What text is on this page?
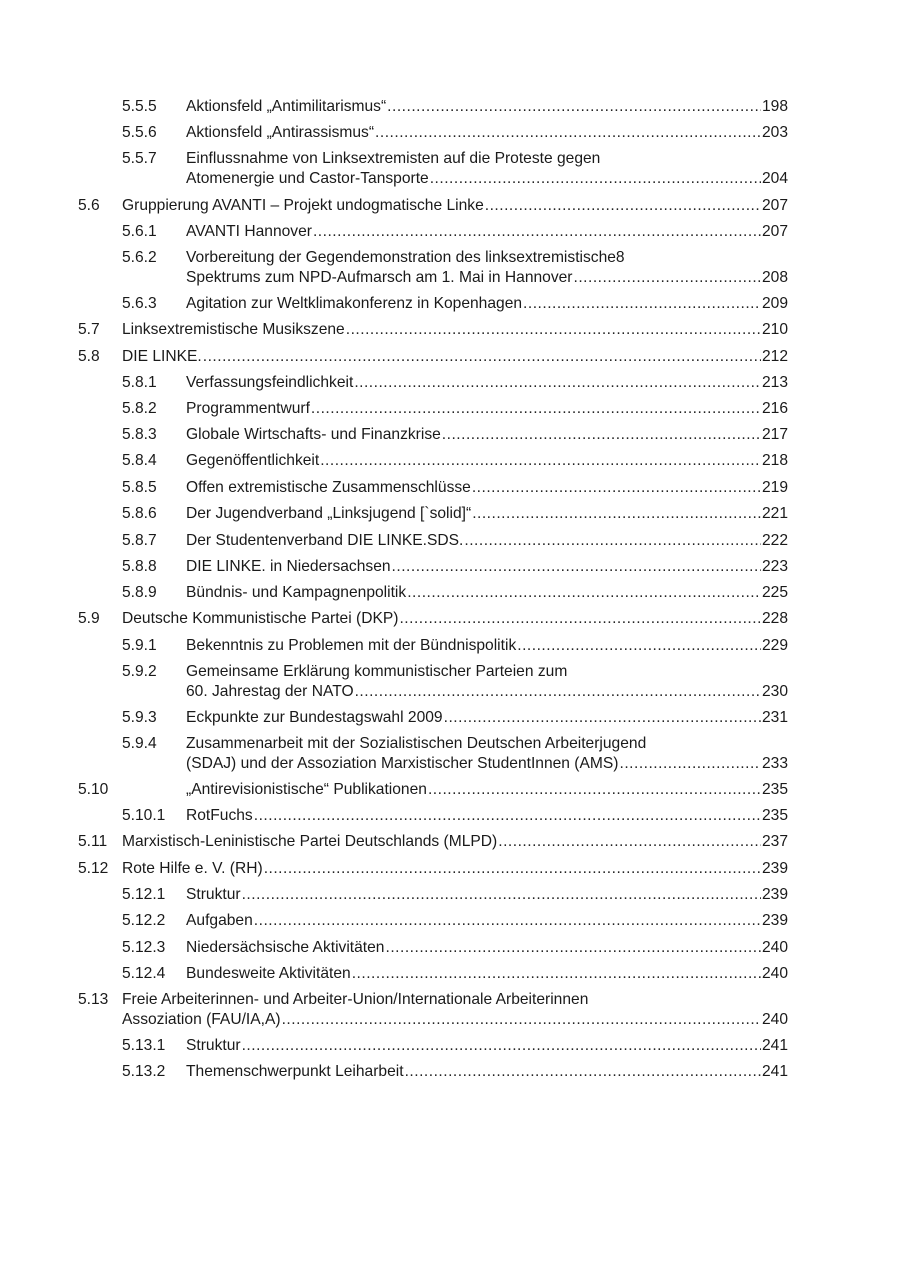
5.5.5 Aktionsfeld „Antimilitarismus“ .....	198
5.5.6 Aktionsfeld „Antirassismus“ .....	203
5.5.7 Einflussnahme von Linksextremisten auf die Proteste gegen
Atomenergie und Castor-Tansporte .....	204
5.6 Gruppierung AVANTI – Projekt undogmatische Linke .....	207
5.6.1 AVANTI Hannover .....	207
5.6.2 Vorbereitung der Gegendemonstration des linksextremistische8
Spektrums zum NPD-Aufmarsch am 1. Mai in Hannover .....	208
5.6.3 Agitation zur Weltklimakonferenz in Kopenhagen .....	209
5.7 Linksextremistische Musikszene .....	210
5.8 DIE LINKE. .....	212
5.8.1 Verfassungsfeindlichkeit .....	213
5.8.2 Programmentwurf .....	216
5.8.3 Globale Wirtschafts- und Finanzkrise .....	217
5.8.4 Gegenöffentlichkeit .....	218
5.8.5 Offen extremistische Zusammenschlüsse .....	219
5.8.6 Der Jugendverband „Linksjugend [`solid]“ .....	221
5.8.7 Der Studentenverband DIE LINKE.SDS. .....	222
5.8.8 DIE LINKE. in Niedersachsen .....	223
5.8.9 Bündnis- und Kampagnenpolitik .....	225
5.9 Deutsche Kommunistische Partei (DKP) .....	228
5.9.1 Bekenntnis zu Problemen mit der Bündnispolitik .....	229
5.9.2 Gemeinsame Erklärung kommunistischer Parteien zum
60. Jahrestag der NATO .....	230
5.9.3 Eckpunkte zur Bundestagswahl 2009 .....	231
5.9.4 Zusammenarbeit mit der Sozialistischen Deutschen Arbeiterjugend
(SDAJ) und der Assoziation Marxistischer StudentInnen (AMS) .....	233
5.10	„Antirevisionistische“ Publikationen .....	235
5.10.1 RotFuchs .....	235
5.11 Marxistisch-Leninistische Partei Deutschlands (MLPD) .....	237
5.12 Rote Hilfe e. V. (RH) .....	239
5.12.1 Struktur .....	239
5.12.2 Aufgaben .....	239
5.12.3 Niedersächsische Aktivitäten .....	240
5.12.4 Bundesweite Aktivitäten .....	240
5.13 Freie Arbeiterinnen- und Arbeiter-Union/Internationale Arbeiterinnen
Assoziation (FAU/IA,A) .....	240
5.13.1 Struktur .....	241
5.13.2 Themenschwerpunkt Leiharbeit .....	241
